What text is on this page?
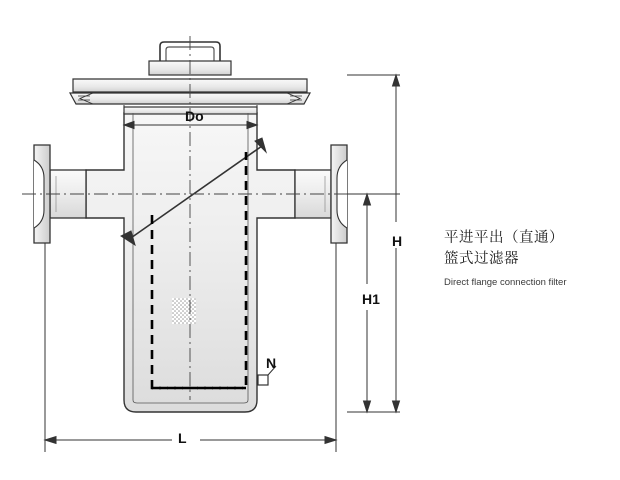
Do
H
H1
L
N
平进平出（直通）
篮式过滤器
Direct flange connection filter
